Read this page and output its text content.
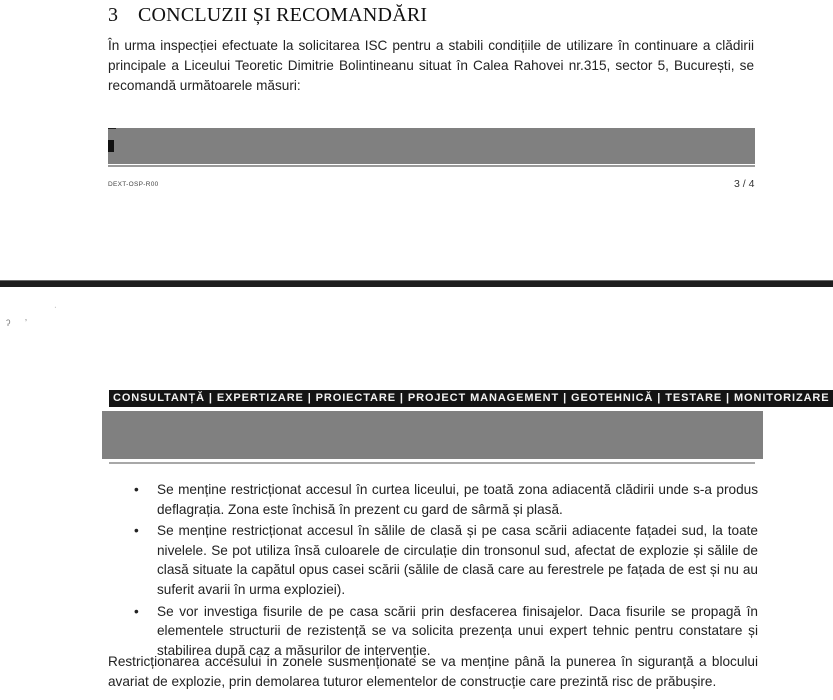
3 CONCLUZII ȘI RECOMANDĂRI
În urma inspecției efectuate la solicitarea ISC pentru a stabili condițiile de utilizare în continuare a clădirii principale a Liceului Teoretic Dimitrie Bolintineanu situat în Calea Rahovei nr.315, sector 5, București, se recomandă următoarele măsuri:
DEXT-OSP-R00	3 / 4
ʔ ʼ
ˈ
CONSULTANȚĂ | EXPERTIZARE | PROIECTARE | PROJECT MANAGEMENT | GEOTEHNICĂ | TESTARE | MONITORIZARE
• Se menține restricționat accesul în curtea liceului, pe toată zona adiacentă clădirii unde s-a produs deflagrația. Zona este închisă în prezent cu gard de sârmă și plasă.
• Se menține restricționat accesul în sălile de clasă și pe casa scării adiacente fațadei sud, la toate nivelele. Se pot utiliza însă culoarele de circulație din tronsonul sud, afectat de explozie și sălile de clasă situate la capătul opus casei scării (sălile de clasă care au ferestrele pe fațada de est și nu au suferit avarii în urma exploziei).
• Se vor investiga fisurile de pe casa scării prin desfacerea finisajelor. Daca fisurile se propagă în elementele structurii de rezistență se va solicita prezența unui expert tehnic pentru constatare și stabilirea după caz a măsurilor de intervenție.
Restricționarea accesului in zonele susmenționate se va menține până la punerea în siguranță a blocului avariat de explozie, prin demolarea tuturor elementelor de construcție care prezintă risc de prăbușire.
